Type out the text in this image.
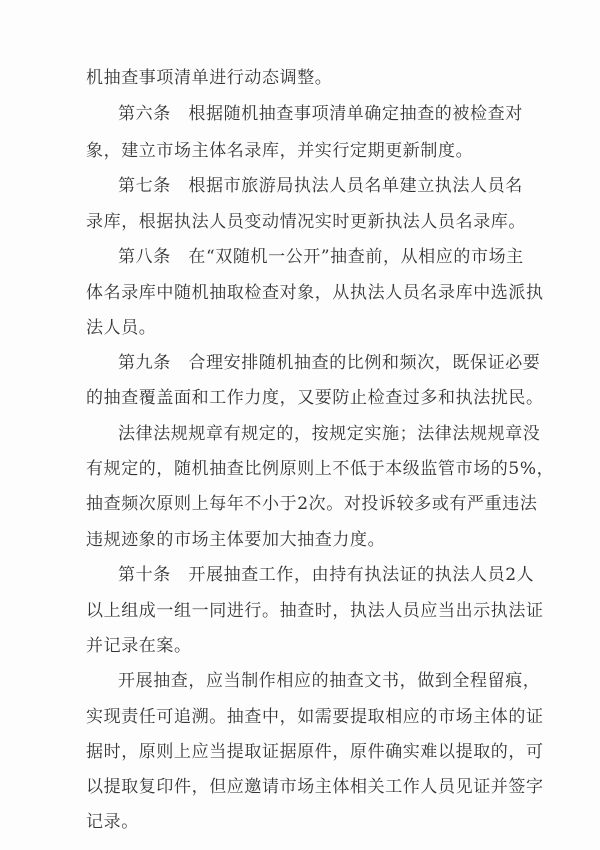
机抽查事项清单进行动态调整。
第六条　根据随机抽查事项清单确定抽查的被检查对
象，建立市场主体名录库，并实行定期更新制度。
第七条　根据市旅游局执法人员名单建立执法人员名
录库，根据执法人员变动情况实时更新执法人员名录库。
第八条　在“双随机一公开”抽查前，从相应的市场主
体名录库中随机抽取检查对象，从执法人员名录库中选派执
法人员。
第九条　合理安排随机抽查的比例和频次，既保证必要
的抽查覆盖面和工作力度，又要防止检查过多和执法扰民。
法律法规规章有规定的，按规定实施；法律法规规章没
有规定的，随机抽查比例原则上不低于本级监管市场的5%，
抽查频次原则上每年不小于2次。对投诉较多或有严重违法
违规迹象的市场主体要加大抽查力度。
第十条　开展抽查工作，由持有执法证的执法人员2人
以上组成一组一同进行。抽查时，执法人员应当出示执法证
并记录在案。
开展抽查，应当制作相应的抽查文书，做到全程留痕，
实现责任可追溯。抽查中，如需要提取相应的市场主体的证
据时，原则上应当提取证据原件，原件确实难以提取的，可
以提取复印件，但应邀请市场主体相关工作人员见证并签字
记录。
